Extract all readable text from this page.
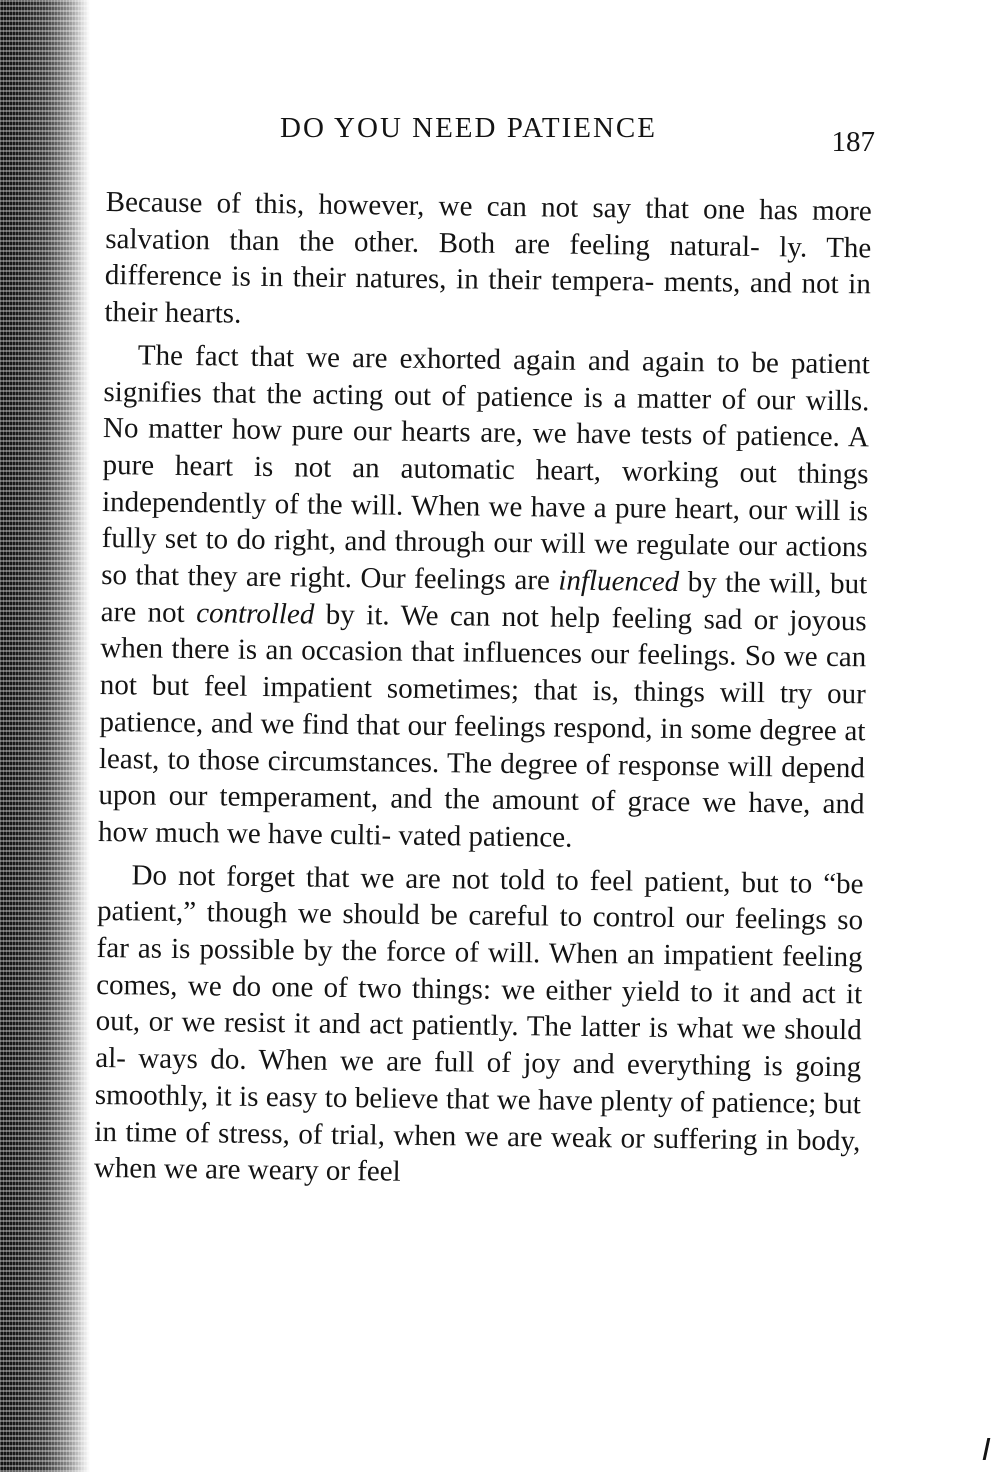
DO YOU NEED PATIENCE	187

Because of this, however, we can not say that one has more salvation than the other. Both are feeling natural- ly. The difference is in their natures, in their tempera- ments, and not in their hearts.

The fact that we are exhorted again and again to be patient signifies that the acting out of patience is a matter of our wills. No matter how pure our hearts are, we have tests of patience. A pure heart is not an automatic heart, working out things independently of the will. When we have a pure heart, our will is fully set to do right, and through our will we regulate our actions so that they are right. Our feelings are influenced by the will, but are not controlled by it. We can not help feeling sad or joyous when there is an occasion that influences our feelings. So we can not but feel impatient sometimes; that is, things will try our patience, and we find that our feelings respond, in some degree at least, to those circumstances. The degree of response will depend upon our temperament, and the amount of grace we have, and how much we have culti- vated patience.

Do not forget that we are not told to feel patient, but to “be patient,” though we should be careful to control our feelings so far as is possible by the force of will. When an impatient feeling comes, we do one of two things: we either yield to it and act it out, or we resist it and act patiently. The latter is what we should al- ways do. When we are full of joy and everything is going smoothly, it is easy to believe that we have plenty of patience; but in time of stress, of trial, when we are weak or suffering in body, when we are weary or feel
